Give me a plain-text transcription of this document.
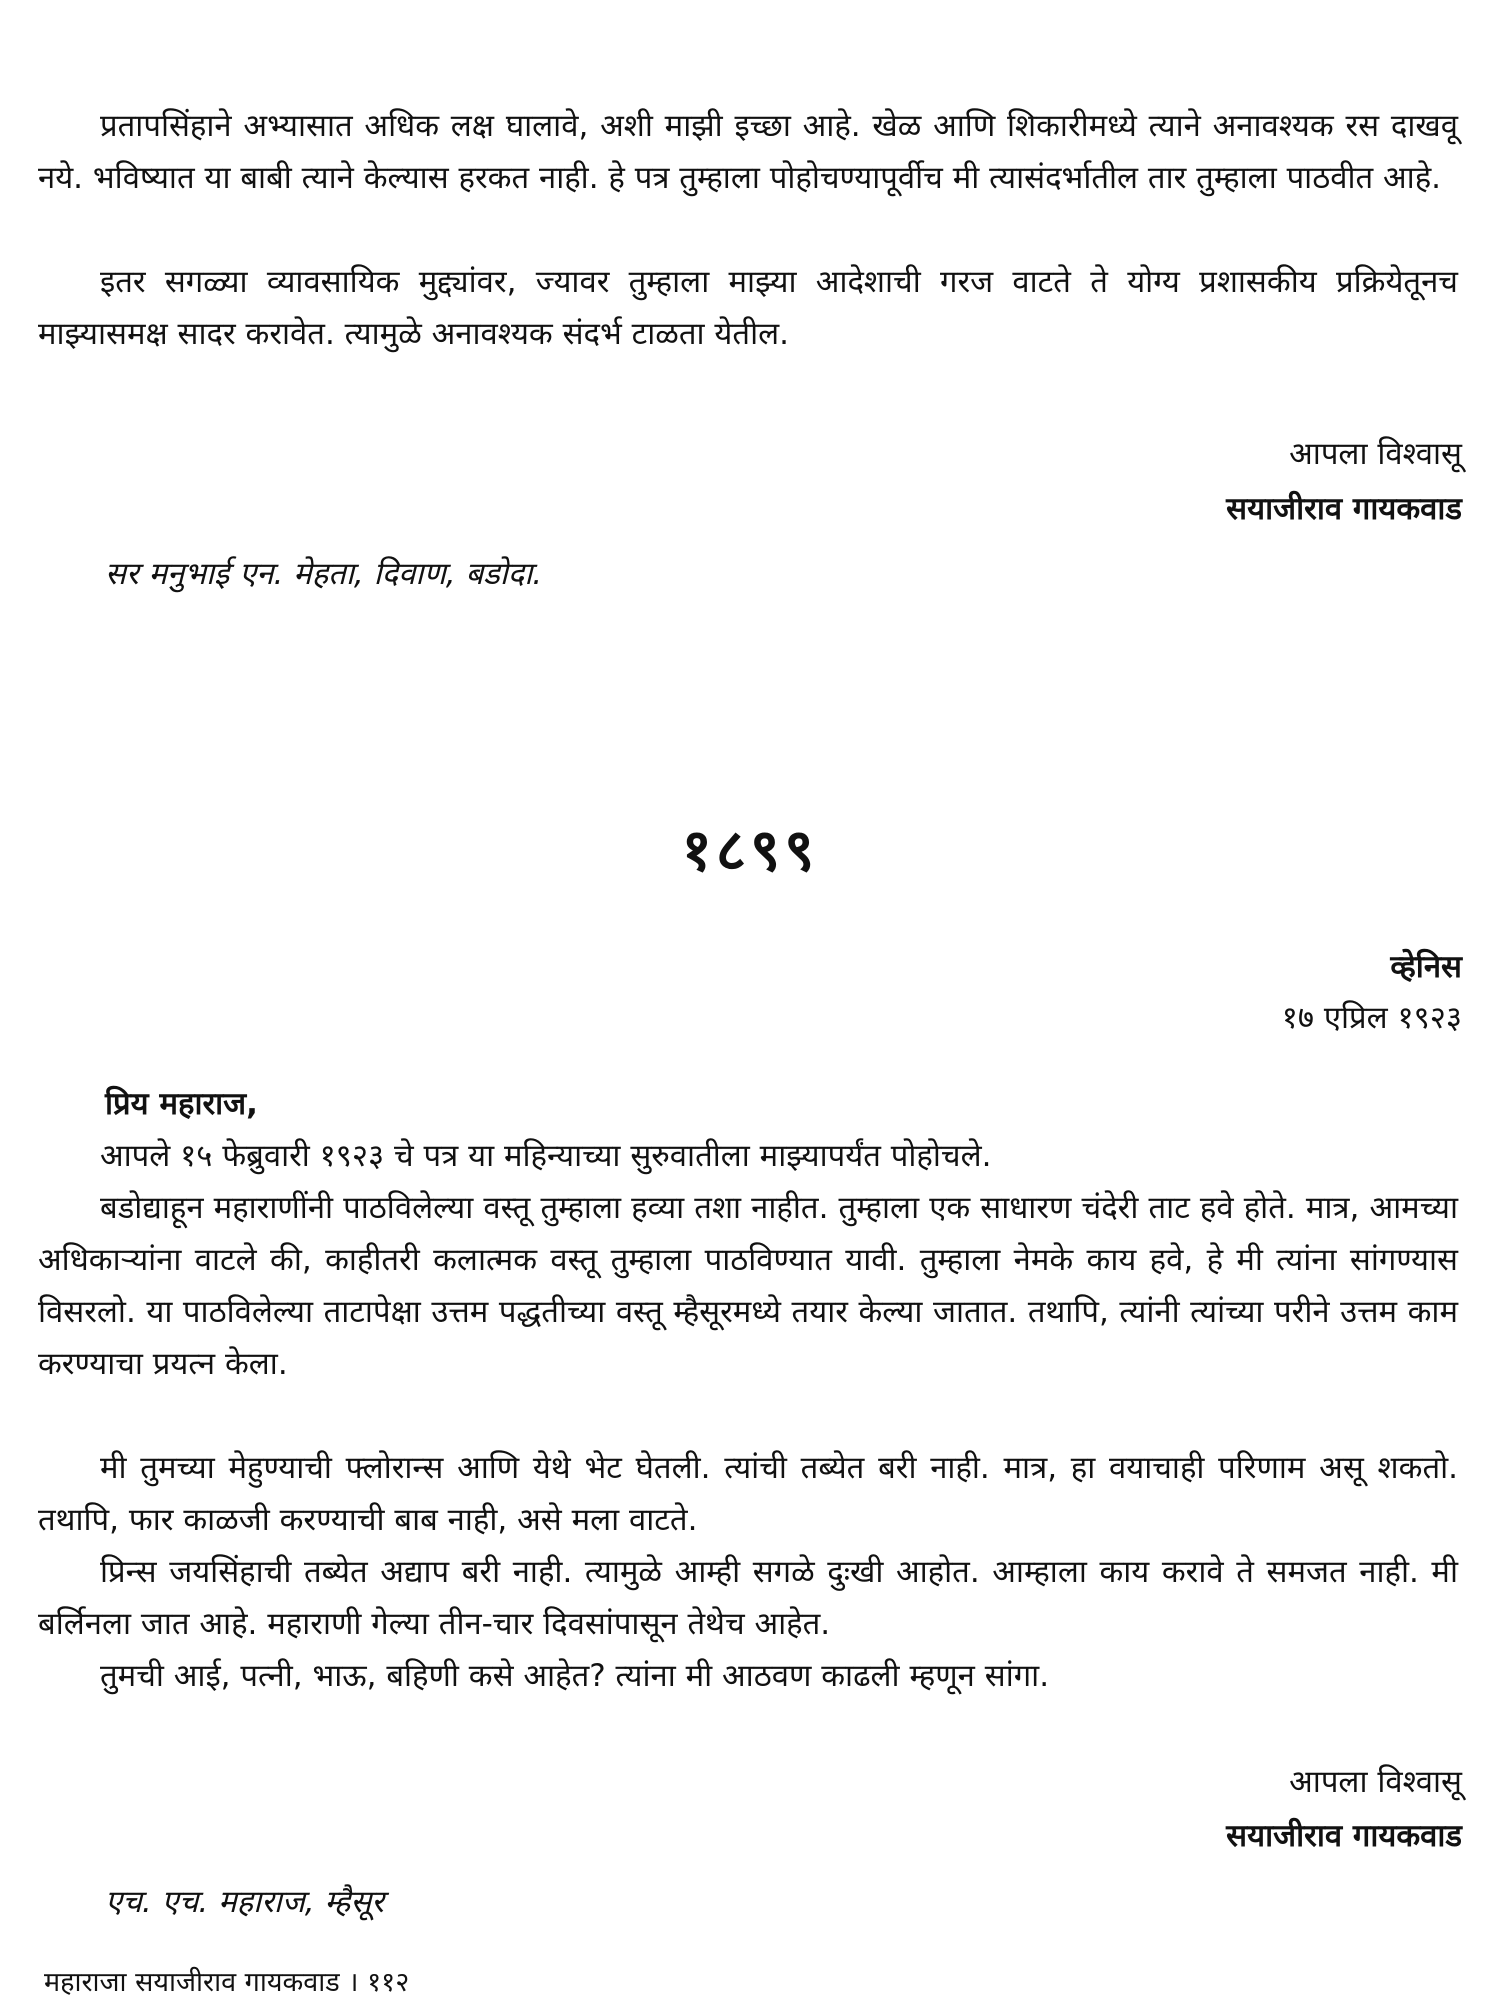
प्रतापसिंहाने अभ्यासात अधिक लक्ष घालावे, अशी माझी इच्छा आहे. खेळ आणि शिकारीमध्ये त्याने अनावश्यक रस दाखवू नये. भविष्यात या बाबी त्याने केल्यास हरकत नाही. हे पत्र तुम्हाला पोहोचण्यापूर्वीच मी त्यासंदर्भातील तार तुम्हाला पाठवीत आहे.

इतर सगळ्या व्यावसायिक मुद्द्यांवर, ज्यावर तुम्हाला माझ्या आदेशाची गरज वाटते ते योग्य प्रशासकीय प्रक्रियेतूनच माझ्यासमक्ष सादर करावेत. त्यामुळे अनावश्यक संदर्भ टाळता येतील.

आपला विश्वासू
सयाजीराव गायकवाड
सर मनुभाई एन. मेहता, दिवाण, बडोदा.
१८९९
व्हेनिस
१७ एप्रिल १९२३
प्रिय महाराज,

आपले १५ फेब्रुवारी १९२३ चे पत्र या महिन्याच्या सुरुवातीला माझ्यापर्यंत पोहोचले.

बडोद्याहून महाराणींनी पाठविलेल्या वस्तू तुम्हाला हव्या तशा नाहीत. तुम्हाला एक साधारण चंदेरी ताट हवे होते. मात्र, आमच्या अधिकाऱ्यांना वाटले की, काहीतरी कलात्मक वस्तू तुम्हाला पाठविण्यात यावी. तुम्हाला नेमके काय हवे, हे मी त्यांना सांगण्यास विसरलो. या पाठविलेल्या ताटापेक्षा उत्तम पद्धतीच्या वस्तू म्हैसूरमध्ये तयार केल्या जातात. तथापि, त्यांनी त्यांच्या परीने उत्तम काम करण्याचा प्रयत्न केला.

मी तुमच्या मेहुण्याची फ्लोरान्स आणि येथे भेट घेतली. त्यांची तब्येत बरी नाही. मात्र, हा वयाचाही परिणाम असू शकतो. तथापि, फार काळजी करण्याची बाब नाही, असे मला वाटते.

प्रिन्स जयसिंहाची तब्येत अद्याप बरी नाही. त्यामुळे आम्ही सगळे दुःखी आहोत. आम्हाला काय करावे ते समजत नाही. मी बर्लिनला जात आहे. महाराणी गेल्या तीन-चार दिवसांपासून तेथेच आहेत.

तुमची आई, पत्नी, भाऊ, बहिणी कसे आहेत? त्यांना मी आठवण काढली म्हणून सांगा.

आपला विश्वासू
सयाजीराव गायकवाड
एच. एच. महाराज, म्हैसूर
महाराजा सयाजीराव गायकवाड । ११२
